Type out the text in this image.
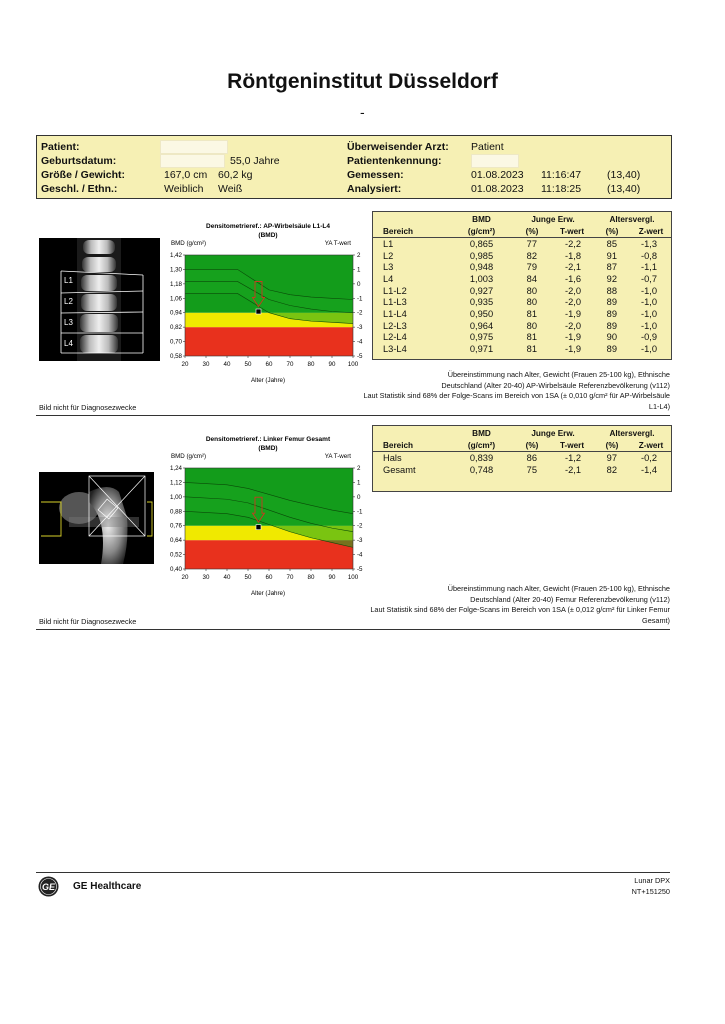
Röntgeninstitut Düsseldorf
-
Patient:
Geburtsdatum:	55,0 Jahre
Größe / Gewicht:	167,0 cm 60,2 kg
Geschl. / Ethn.:	Weiblich Weiß
Überweisender Arzt: Patient
Patientenkennung:
Gemessen:	01.08.2023 11:16:47 (13,40)
Analysiert:	01.08.2023 11:18:25 (13,40)
L1
L2
L3
L4
Densitometrieref.: AP-Wirbelsäule L1-L4
(BMD)
BMD (g/cm²)	YA T-wert
Alter (Jahre)
1,42	2
1,30	1
1,18	0
1,06	-1
0,94	-2
0,82	-3
0,70	-4
0,58	-5
20 30 40 50 60 70 80 90 100
	BMD	Junge Erw.		Altersvergl.	
Bereich	(g/cm²)	(%)	T-wert	(%)	Z-wert
L1	0,865	77	-2,2	85	-1,3
L2	0,985	82	-1,8	91	-0,8
L3	0,948	79	-2,1	87	-1,1
L4	1,003	84	-1,6	92	-0,7
L1-L2	0,927	80	-2,0	88	-1,0
L1-L3	0,935	80	-2,0	89	-1,0
L1-L4	0,950	81	-1,9	89	-1,0
L2-L3	0,964	80	-2,0	89	-1,0
L2-L4	0,975	81	-1,9	90	-0,9
L3-L4	0,971	81	-1,9	89	-1,0
Übereinstimmung nach Alter, Gewicht (Frauen 25-100 kg), Ethnische
Deutschland (Alter 20-40) AP-Wirbelsäule Referenzbevölkerung (v112)
Laut Statistik sind 68% der Folge-Scans im Bereich von 1SA (± 0,010 g/cm² für AP-Wirbelsäule
L1-L4)
Bild nicht für Diagnosezwecke
Densitometrieref.: Linker Femur Gesamt
(BMD)
BMD (g/cm²)	YA T-wert
Alter (Jahre)
1,24	2
1,12	1
1,00	0
0,88	-1
0,76	-2
0,64	-3
0,52	-4
0,40	-5
20 30 40 50 60 70 80 90 100
	BMD	Junge Erw.		Altersvergl.	
Bereich	(g/cm²)	(%)	T-wert	(%)	Z-wert
Hals	0,839	86	-1,2	97	-0,2
Gesamt	0,748	75	-2,1	82	-1,4
Übereinstimmung nach Alter, Gewicht (Frauen 25-100 kg), Ethnische
Deutschland (Alter 20-40) Femur Referenzbevölkerung (v112)
Laut Statistik sind 68% der Folge-Scans im Bereich von 1SA (± 0,012 g/cm² für Linker Femur
Gesamt)
Bild nicht für Diagnosezwecke
GE GE Healthcare
Lunar DPX
NT+151250
